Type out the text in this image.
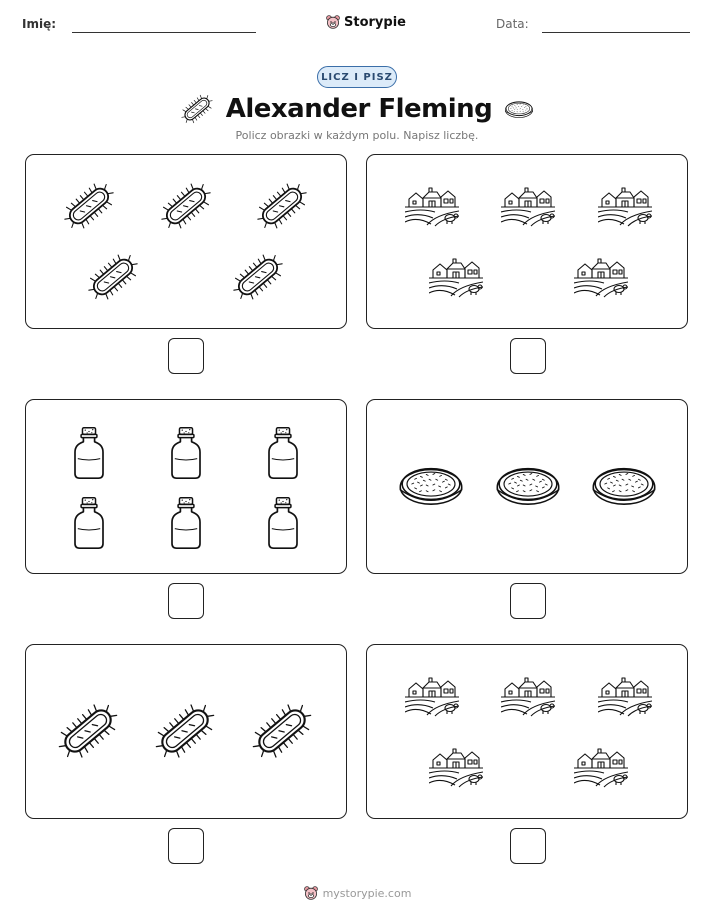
Imię:	Storypie	Data:
LICZ I PISZ
Alexander Fleming
Policz obrazki w każdym polu. Napisz liczbę.
mystorypie.com
